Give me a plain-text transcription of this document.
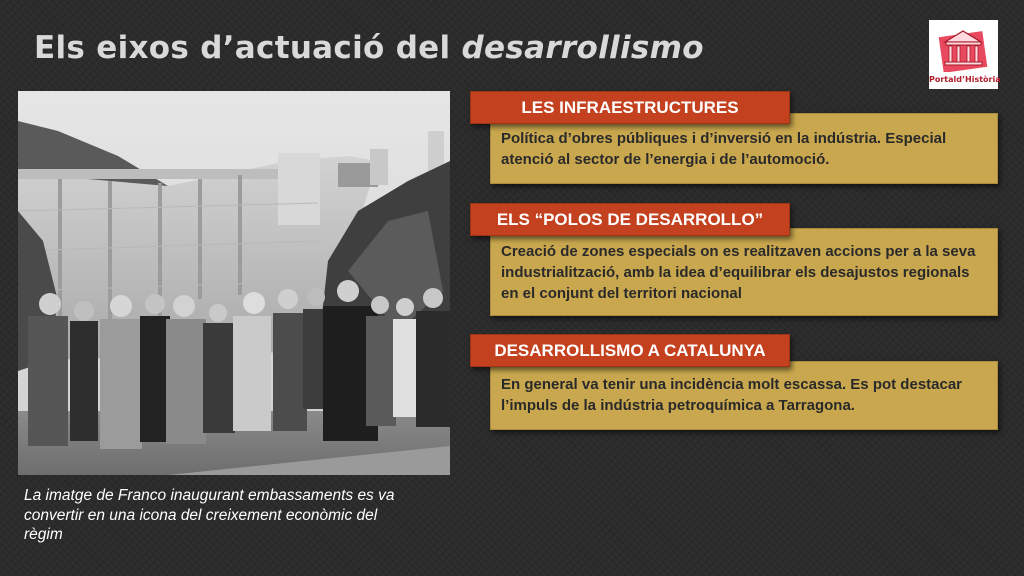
Els eixos d’actuació del desarrollismo
PortaldʼHistòria
La imatge de Franco inaugurant embassaments es va convertir en una icona del creixement econòmic del règim
Política d’obres públiques i d’inversió en la indústria. Especial atenció al sector de l’energia i de l’automoció.
LES INFRAESTRUCTURES
Creació de zones especials on es realitzaven accions per a la seva industrialització, amb la idea d’equilibrar els desajustos regionals en el conjunt del territori nacional
ELS “POLOS DE DESARROLLO”
En general va tenir una incidència molt escassa. Es pot destacar l’impuls de la indústria petroquímica a Tarragona.
DESARROLLISMO A CATALUNYA
